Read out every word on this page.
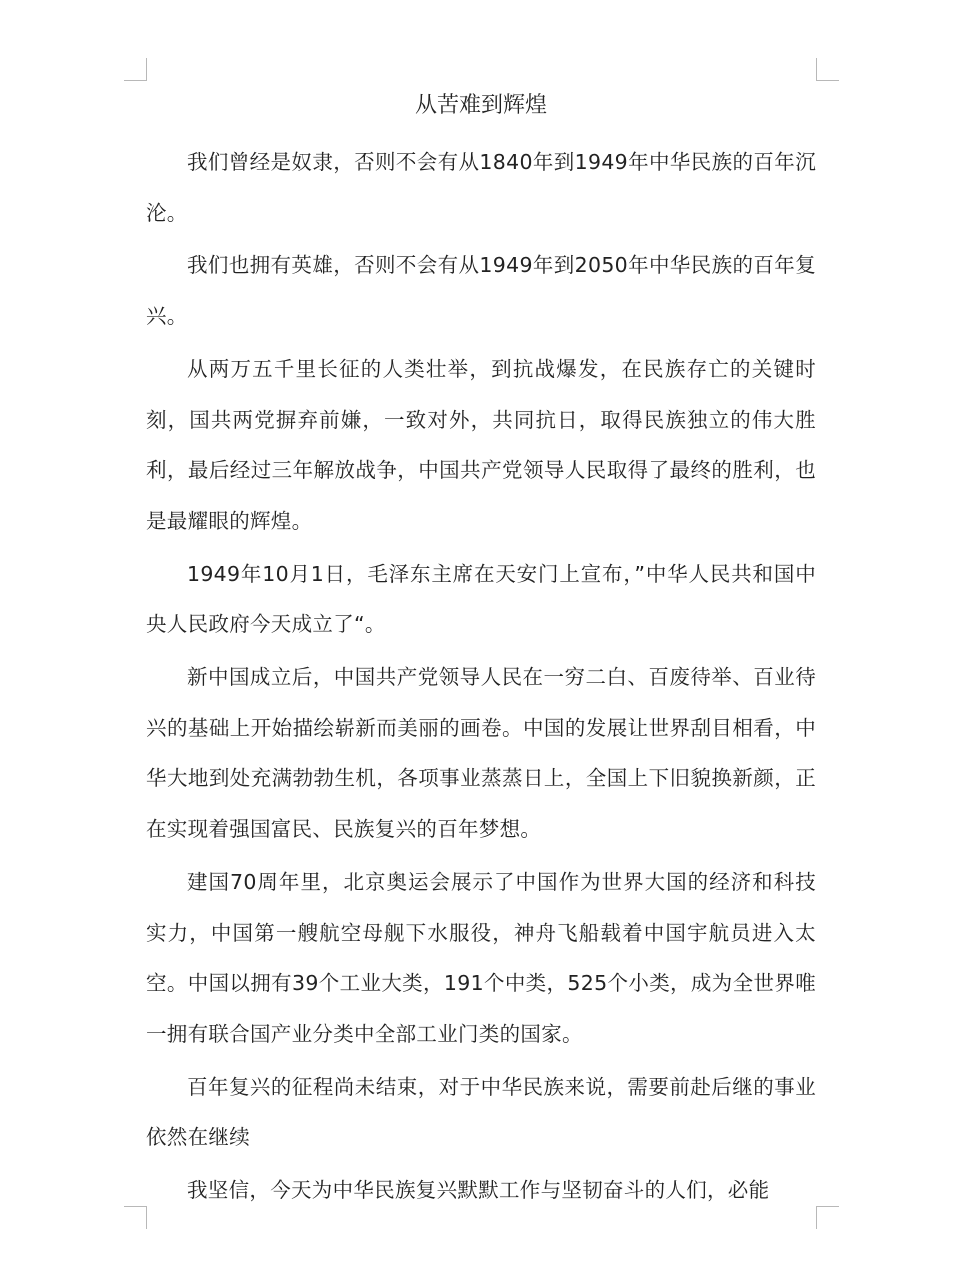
从苦难到辉煌

我们曾经是奴隶，否则不会有从1840年到1949年中华民族的百年沉沦。

我们也拥有英雄，否则不会有从1949年到2050年中华民族的百年复兴。

从两万五千里长征的人类壮举，到抗战爆发，在民族存亡的关键时刻，国共两党摒弃前嫌，一致对外，共同抗日，取得民族独立的伟大胜利，最后经过三年解放战争，中国共产党领导人民取得了最终的胜利，也是最耀眼的辉煌。

1949年10月1日，毛泽东主席在天安门上宣布，”中华人民共和国中央人民政府今天成立了“。

新中国成立后，中国共产党领导人民在一穷二白、百废待举、百业待兴的基础上开始描绘崭新而美丽的画卷。中国的发展让世界刮目相看，中华大地到处充满勃勃生机，各项事业蒸蒸日上，全国上下旧貌换新颜，正在实现着强国富民、民族复兴的百年梦想。

建国70周年里，北京奥运会展示了中国作为世界大国的经济和科技实力，中国第一艘航空母舰下水服役，神舟飞船载着中国宇航员进入太空。中国以拥有39个工业大类，191个中类，525个小类，成为全世界唯一拥有联合国产业分类中全部工业门类的国家。

百年复兴的征程尚未结束，对于中华民族来说，需要前赴后继的事业依然在继续

我坚信，今天为中华民族复兴默默工作与坚韧奋斗的人们，必能
